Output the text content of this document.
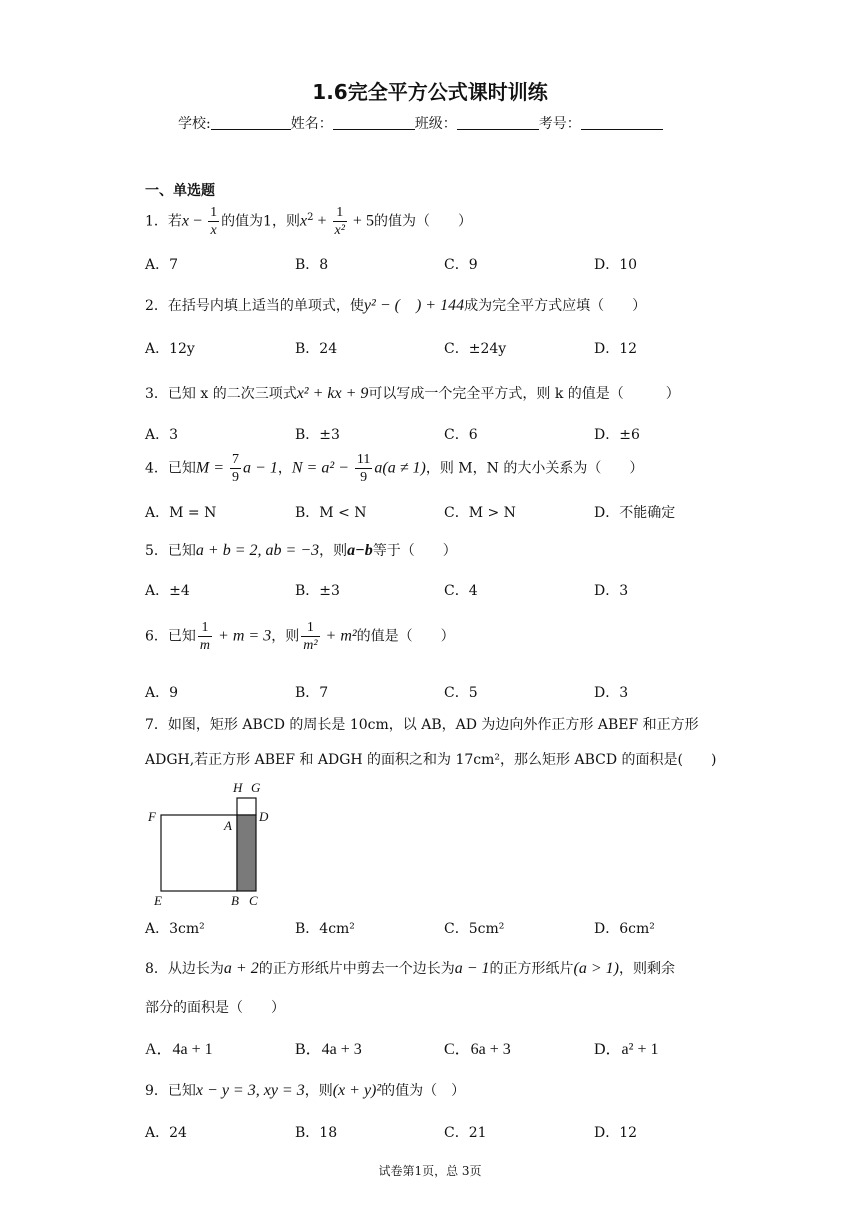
1.6完全平方公式课时训练
学校:	姓名：	班级：	考号：
一、单选题
1．若$x - \frac{1}{x}$ 的值为1，则$x^2 + \frac{1}{\text{x²}} + 5$的值为（　　）
A．7	B．8	C．9	D．10
2．在括号内填上适当的单项式，使y² − (　) + 144成为完全平方式应填（　　）
A．12y	B．24	C．±24y	D．12
3．已知 x 的二次三项式x² + kx + 9可以写成一个完全平方式，则 k 的值是（　　　）
A．3	B．±3	C．6	D．±6
4．已知$M = \frac{7}{9}$ a − 1，$N = a^2 - \frac{11}{9} a(a \ne 1)$，则 M，N 的大小关系为（　　）
A．M = N	B．M < N	C．M > N	D．不能确定
5．已知a + b = 2, ab = −3，则a−b等于（　　）
A．±4	B．±3	C．4	D．3
6．已知 $\frac{1}{m} + m = 3$，则 $\frac{1}{\text{m²}} + m^2$的值是（　　）
A．9	B．7	C．5	D．3
7．如图，矩形 ABCD 的周长是 10cm，以 AB，AD 为边向外作正方形 ABEF 和正方形
ADGH,若正方形 ABEF 和 ADGH 的面积之和为 17cm²，那么矩形 ABCD 的面积是(　　)
H G
F
A
D
E	B C
A．3cm²	B．4cm²	C．5cm²	D．6cm²
8．从边长为a + 2的正方形纸片中剪去一个边长为a − 1的正方形纸片(a > 1)，则剩余
部分的面积是（　　）
A．4a + 1	B．4a + 3	C．6a + 3	D．a² + 1
9．已知x − y = 3, xy = 3，则(x + y)²的值为（　）
A．24	B．18	C．21	D．12
试卷第1页，总 3页
